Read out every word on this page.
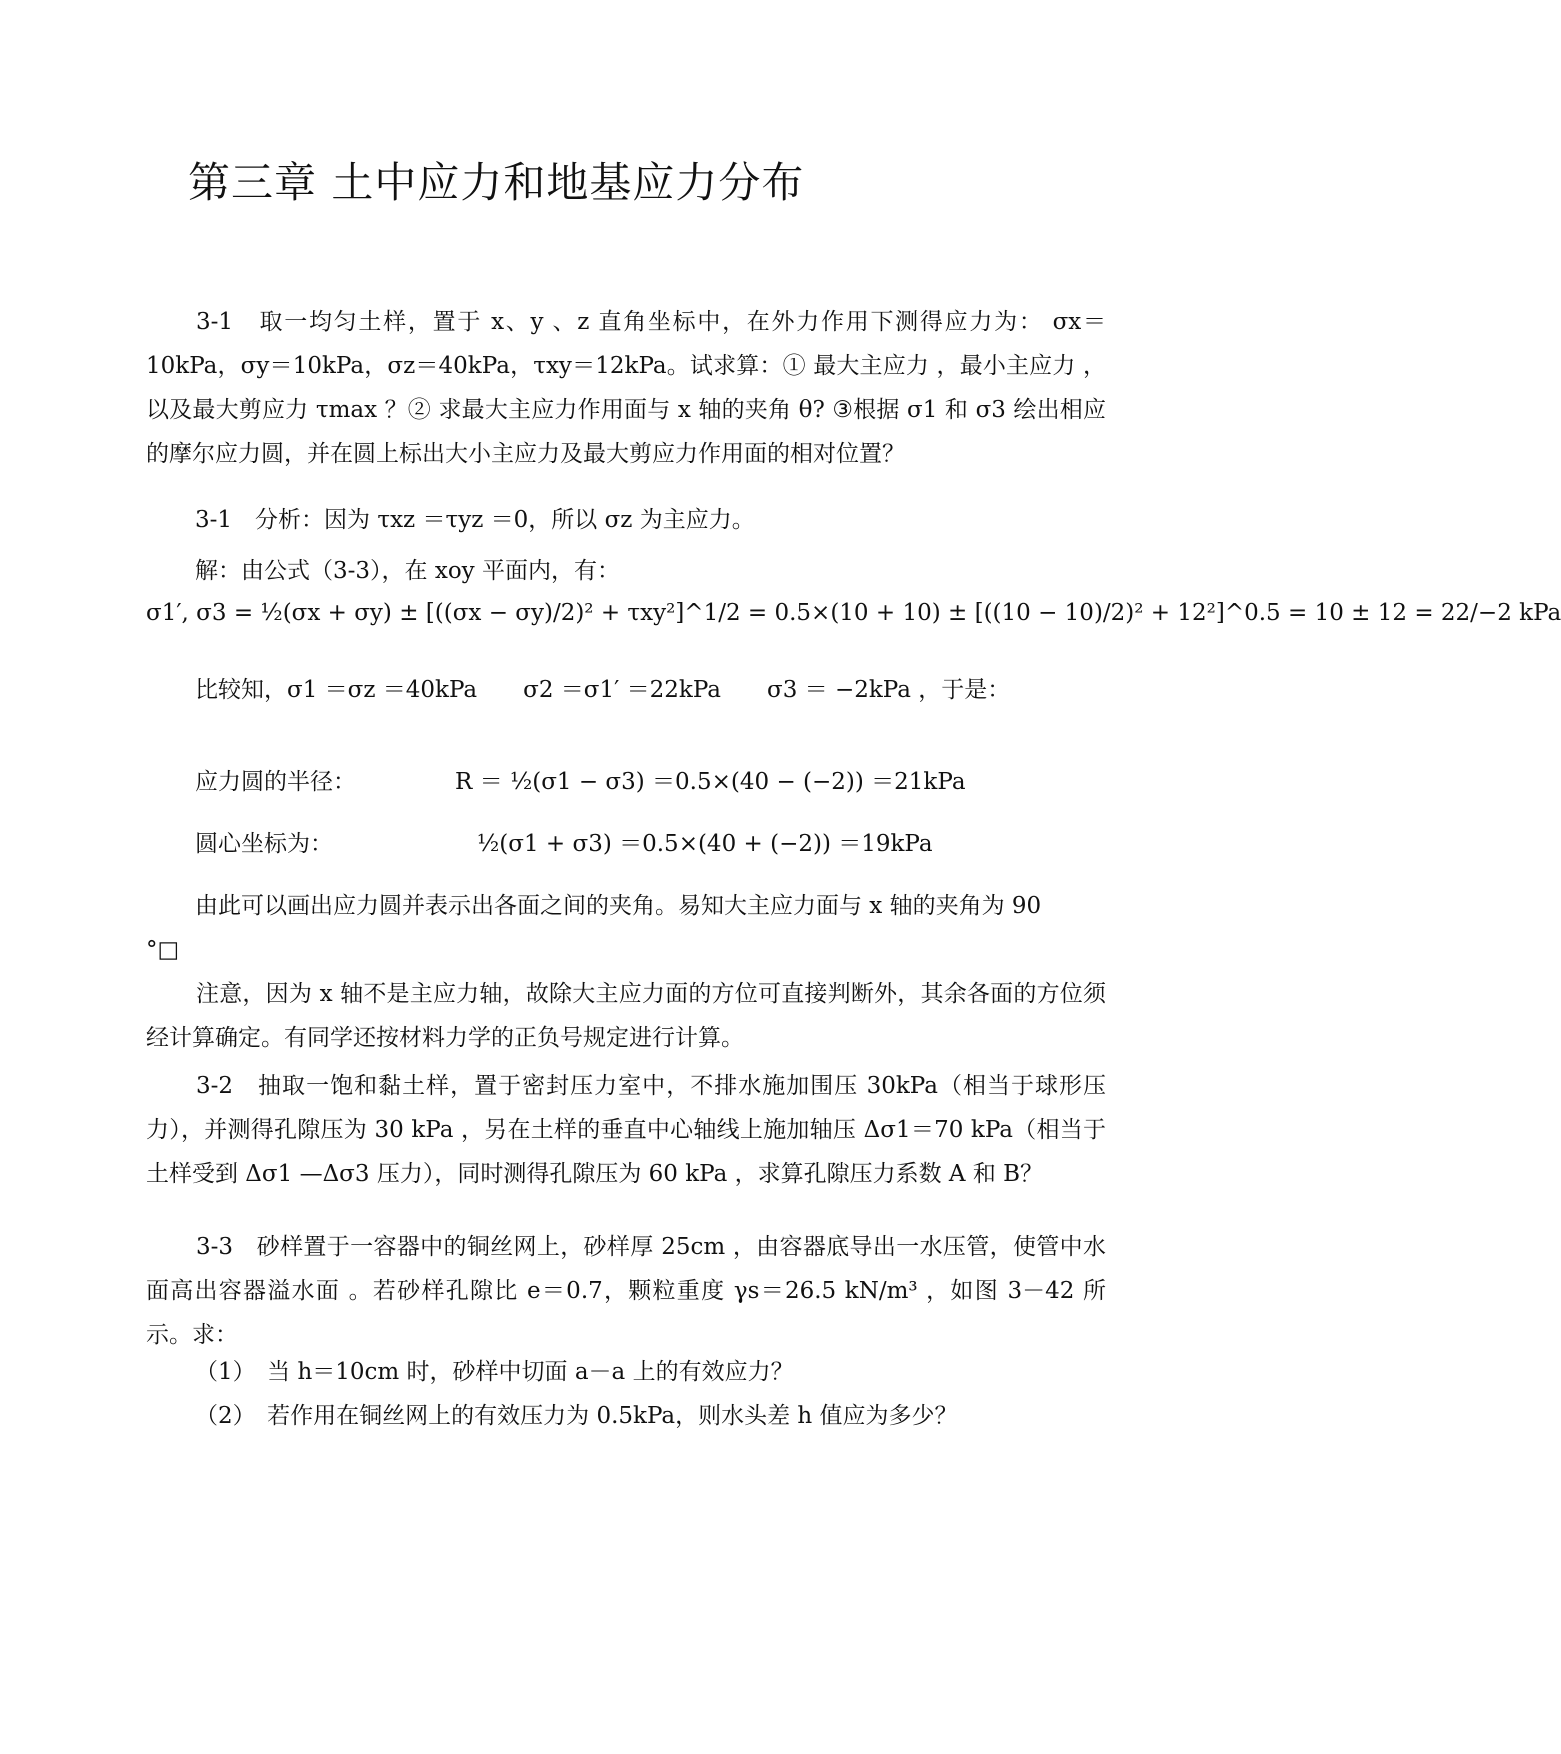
第三章 土中应力和地基应力分布
3-1　取一均匀土样，置于 x、y 、z 直角坐标中，在外力作用下测得应力为： σx＝10kPa，σy＝10kPa，σz＝40kPa，τxy＝12kPa。试求算：① 最大主应力 ，最小主应力 ，以及最大剪应力 τmax ？② 求最大主应力作用面与 x 轴的夹角 θ? ③根据 σ1 和 σ3 绘出相应的摩尔应力圆，并在圆上标出大小主应力及最大剪应力作用面的相对位置？
3-1　分析：因为 τxz ＝τyz ＝0，所以 σz 为主应力。
解：由公式（3-3），在 xoy 平面内，有：
σ1′, σ3 = ½(σx + σy) ± [((σx − σy)/2)² + τxy²]^1/2 = 0.5×(10 + 10) ± [((10 − 10)/2)² + 12²]^0.5 = 10 ± 12 = 22/−2 kPa
比较知，σ1 ＝σz ＝40kPa　　σ2 ＝σ1′ ＝22kPa　　σ3 ＝ −2kPa ，于是：
应力圆的半径：	R ＝ ½(σ1 − σ3) ＝0.5×(40 − (−2)) ＝21kPa
圆心坐标为：	½(σ1 + σ3) ＝0.5×(40 + (−2)) ＝19kPa
由此可以画出应力圆并表示出各面之间的夹角。易知大主应力面与 x 轴的夹角为 90
°□
注意，因为 x 轴不是主应力轴，故除大主应力面的方位可直接判断外，其余各面的方位须经计算确定。有同学还按材料力学的正负号规定进行计算。
3-2　抽取一饱和黏土样，置于密封压力室中，不排水施加围压 30kPa（相当于球形压力），并测得孔隙压为 30 kPa ，另在土样的垂直中心轴线上施加轴压 Δσ1＝70 kPa（相当于土样受到 Δσ1 —Δσ3 压力），同时测得孔隙压为 60 kPa ，求算孔隙压力系数 A 和 B？
3-3　砂样置于一容器中的铜丝网上，砂样厚 25cm ，由容器底导出一水压管，使管中水面高出容器溢水面 。若砂样孔隙比 e＝0.7，颗粒重度 γs＝26.5 kN/m³ ，如图 3－42 所示。求：
（1）　当 h＝10cm 时，砂样中切面 a－a 上的有效应力？
（2）　若作用在铜丝网上的有效压力为 0.5kPa，则水头差 h 值应为多少？
